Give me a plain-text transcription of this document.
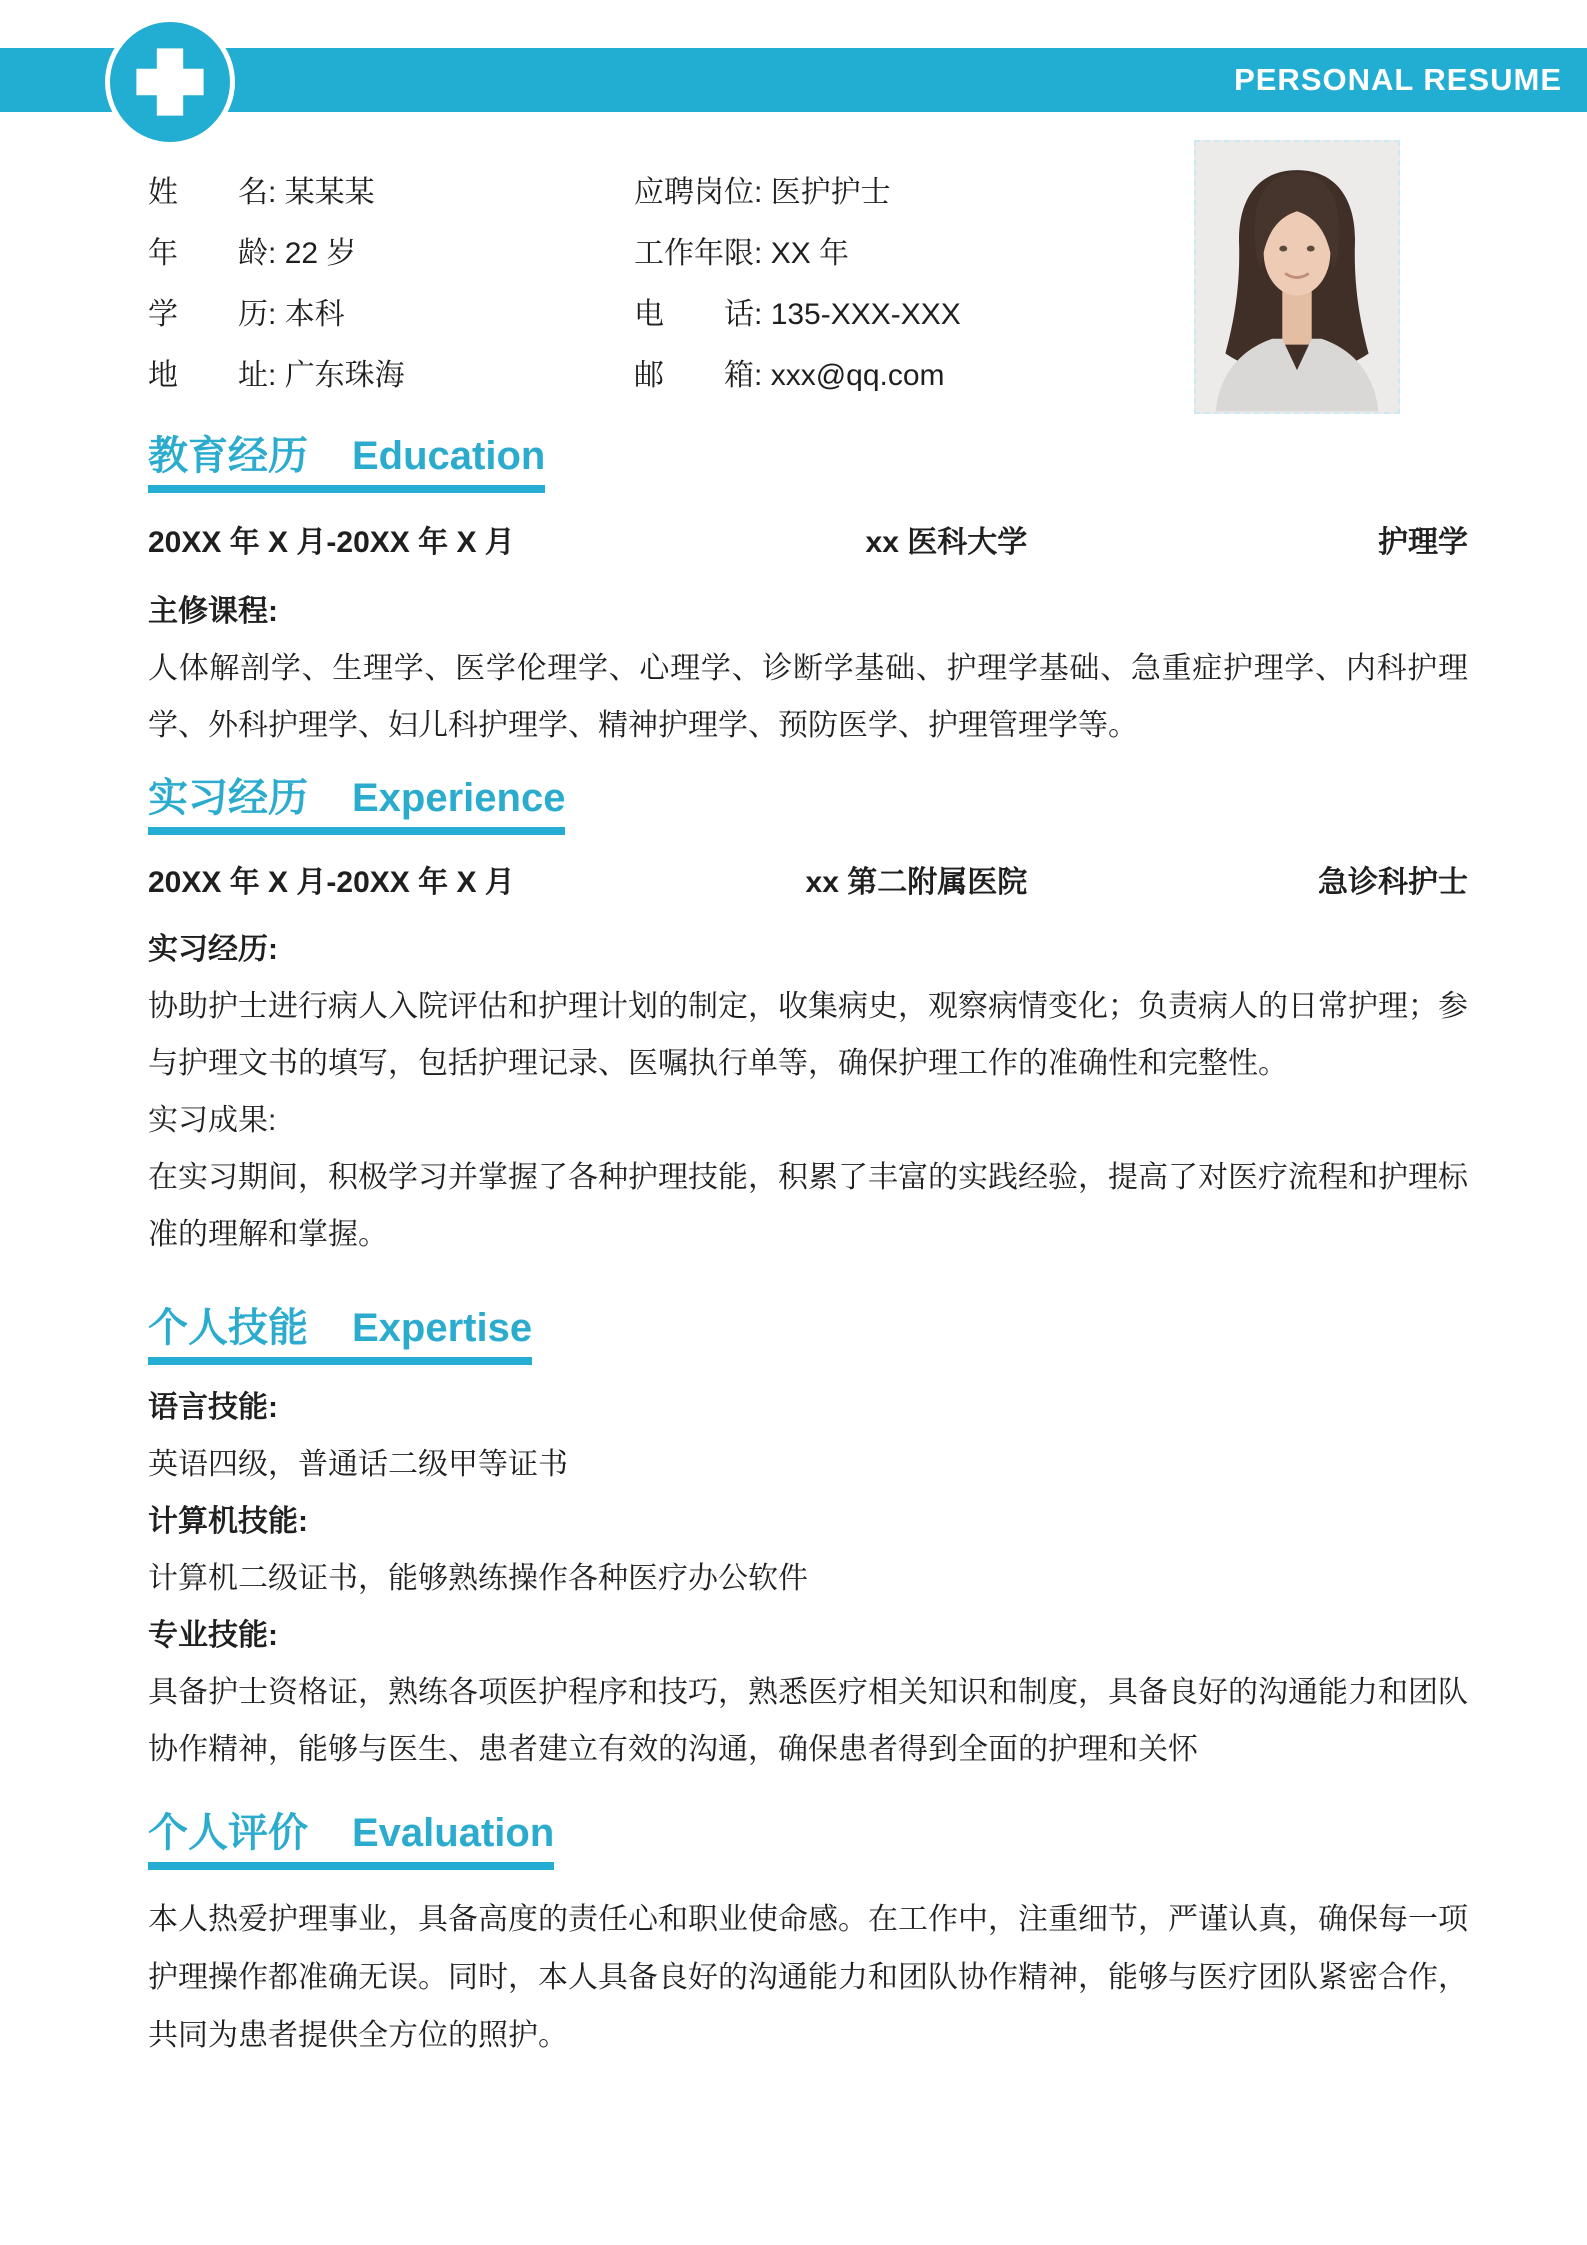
PERSONAL RESUME
姓　　名: 某某某	应聘岗位: 医护护士
年　　龄: 22 岁	工作年限: XX 年
学　　历: 本科	电　　话: 135-XXX-XXX
地　　址: 广东珠海	邮　　箱: xxx@qq.com
教育经历 Education
20XX 年 X 月-20XX 年 X 月	xx 医科大学	护理学

主修课程:

人体解剖学、生理学、医学伦理学、心理学、诊断学基础、护理学基础、急重症护理学、内科护理学、外科护理学、妇儿科护理学、精神护理学、预防医学、护理管理学等。

实习经历 Experience
20XX 年 X 月-20XX 年 X 月	xx 第二附属医院	急诊科护士

实习经历:

协助护士进行病人入院评估和护理计划的制定，收集病史，观察病情变化；负责病人的日常护理；参与护理文书的填写，包括护理记录、医嘱执行单等，确保护理工作的准确性和完整性。

实习成果:

在实习期间，积极学习并掌握了各种护理技能，积累了丰富的实践经验，提高了对医疗流程和护理标准的理解和掌握。

个人技能 Expertise

语言技能:

英语四级，普通话二级甲等证书

计算机技能:

计算机二级证书，能够熟练操作各种医疗办公软件

专业技能:

具备护士资格证，熟练各项医护程序和技巧，熟悉医疗相关知识和制度，具备良好的沟通能力和团队协作精神，能够与医生、患者建立有效的沟通，确保患者得到全面的护理和关怀

个人评价 Evaluation

本人热爱护理事业，具备高度的责任心和职业使命感。在工作中，注重细节，严谨认真，确保每一项护理操作都准确无误。同时，本人具备良好的沟通能力和团队协作精神，能够与医疗团队紧密合作，共同为患者提供全方位的照护。
